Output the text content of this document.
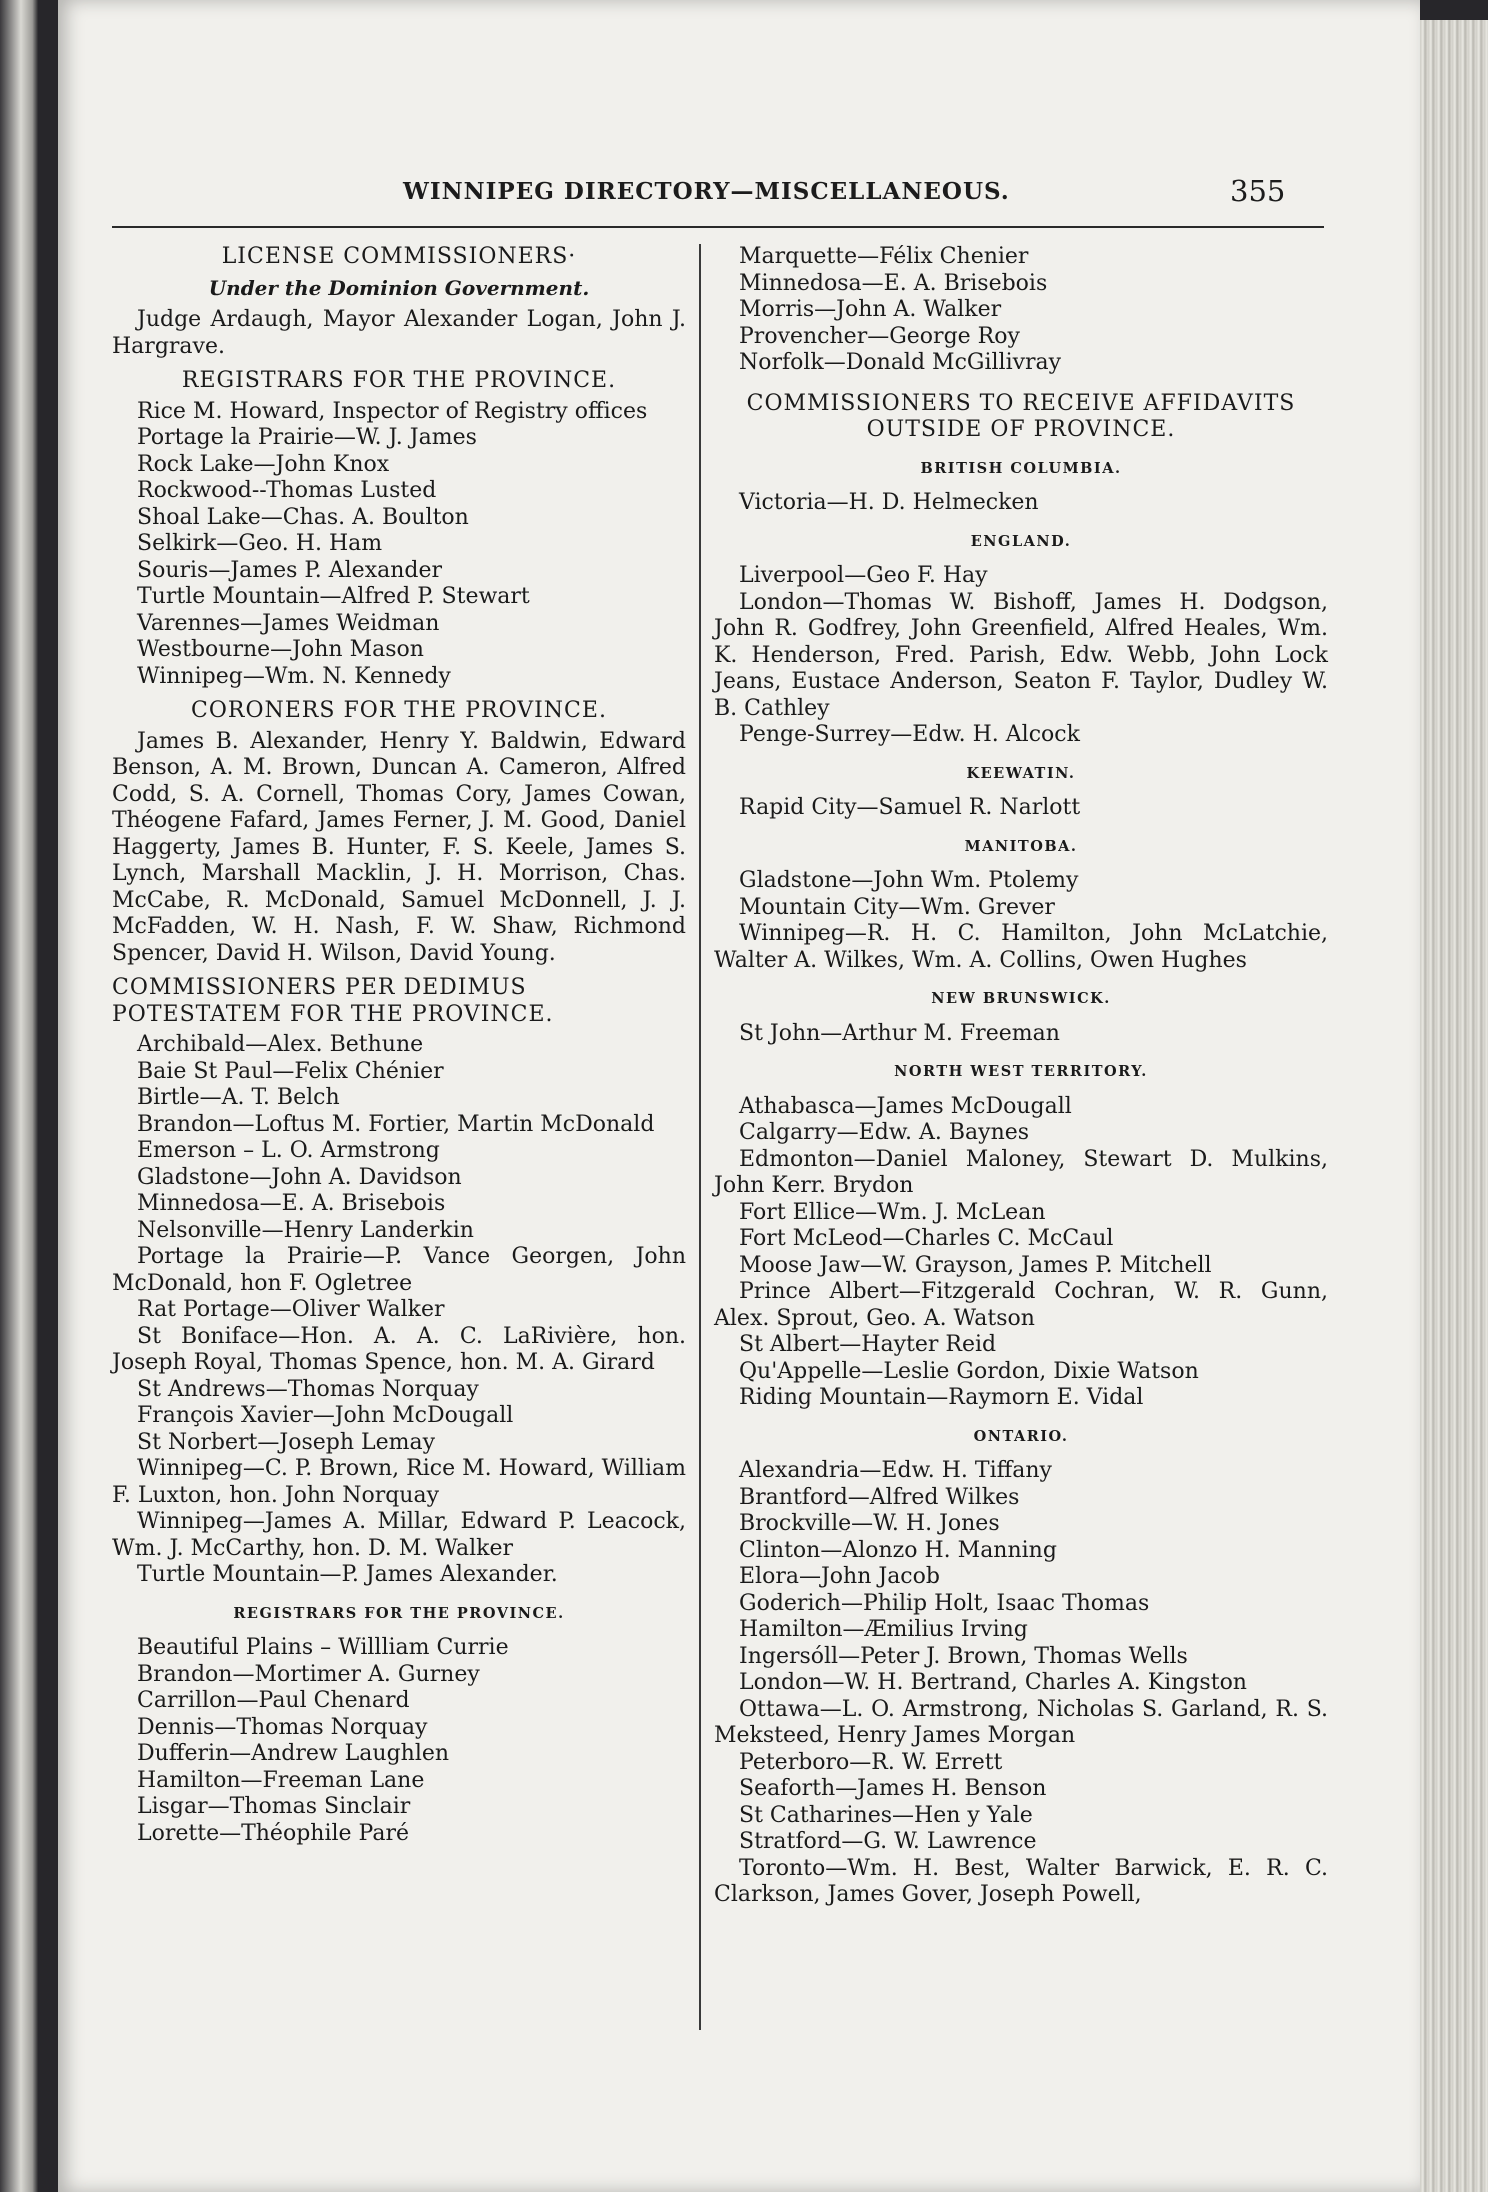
WINNIPEG DIRECTORY—MISCELLANEOUS.	355
LICENSE COMMISSIONERS·
Under the Dominion Government.
Judge Ardaugh, Mayor Alexander Logan, John J. Hargrave.
REGISTRARS FOR THE PROVINCE.
Rice M. Howard, Inspector of Registry offices
Portage la Prairie—W. J. James
Rock Lake—John Knox
Rockwood--Thomas Lusted
Shoal Lake—Chas. A. Boulton
Selkirk—Geo. H. Ham
Souris—James P. Alexander
Turtle Mountain—Alfred P. Stewart
Varennes—James Weidman
Westbourne—John Mason
Winnipeg—Wm. N. Kennedy
CORONERS FOR THE PROVINCE.
James B. Alexander, Henry Y. Baldwin, Edward Benson, A. M. Brown, Duncan A. Cameron, Alfred Codd, S. A. Cornell, Thomas Cory, James Cowan, Théogene Fafard, James Ferner, J. M. Good, Daniel Haggerty, James B. Hunter, F. S. Keele, James S. Lynch, Marshall Macklin, J. H. Morrison, Chas. McCabe, R. McDonald, Samuel McDonnell, J. J. McFadden, W. H. Nash, F. W. Shaw, Richmond Spencer, David H. Wilson, David Young.
COMMISSIONERS PER DEDIMUS POTESTATEM FOR THE PROVINCE.
Archibald—Alex. Bethune
Baie St Paul—Felix Chénier
Birtle—A. T. Belch
Brandon—Loftus M. Fortier, Martin McDonald
Emerson – L. O. Armstrong
Gladstone—John A. Davidson
Minnedosa—E. A. Brisebois
Nelsonville—Henry Landerkin
Portage la Prairie—P. Vance Georgen, John McDonald, hon F. Ogletree
Rat Portage—Oliver Walker
St Boniface—Hon. A. A. C. LaRivière, hon. Joseph Royal, Thomas Spence, hon. M. A. Girard
St Andrews—Thomas Norquay
François Xavier—John McDougall
St Norbert—Joseph Lemay
Winnipeg—C. P. Brown, Rice M. Howard, William F. Luxton, hon. John Norquay
Winnipeg—James A. Millar, Edward P. Leacock, Wm. J. McCarthy, hon. D. M. Walker
Turtle Mountain—P. James Alexander.
REGISTRARS FOR THE PROVINCE.
Beautiful Plains – Willliam Currie
Brandon—Mortimer A. Gurney
Carrillon—Paul Chenard
Dennis—Thomas Norquay
Dufferin—Andrew Laughlen
Hamilton—Freeman Lane
Lisgar—Thomas Sinclair
Lorette—Théophile Paré
Marquette—Félix Chenier
Minnedosa—E. A. Brisebois
Morris—John A. Walker
Provencher—George Roy
Norfolk—Donald McGillivray
COMMISSIONERS TO RECEIVE AFFIDAVITS OUTSIDE OF PROVINCE.
BRITISH COLUMBIA.
Victoria—H. D. Helmecken
ENGLAND.
Liverpool—Geo F. Hay
London—Thomas W. Bishoff, James H. Dodgson, John R. Godfrey, John Greenfield, Alfred Heales, Wm. K. Henderson, Fred. Parish, Edw. Webb, John Lock Jeans, Eustace Anderson, Seaton F. Taylor, Dudley W. B. Cathley
Penge-Surrey—Edw. H. Alcock
KEEWATIN.
Rapid City—Samuel R. Narlott
MANITOBA.
Gladstone—John Wm. Ptolemy
Mountain City—Wm. Grever
Winnipeg—R. H. C. Hamilton, John McLatchie, Walter A. Wilkes, Wm. A. Collins, Owen Hughes
NEW BRUNSWICK.
St John—Arthur M. Freeman
NORTH WEST TERRITORY.
Athabasca—James McDougall
Calgarry—Edw. A. Baynes
Edmonton—Daniel Maloney, Stewart D. Mulkins, John Kerr. Brydon
Fort Ellice—Wm. J. McLean
Fort McLeod—Charles C. McCaul
Moose Jaw—W. Grayson, James P. Mitchell
Prince Albert—Fitzgerald Cochran, W. R. Gunn, Alex. Sprout, Geo. A. Watson
St Albert—Hayter Reid
Qu'Appelle—Leslie Gordon, Dixie Watson
Riding Mountain—Raymorn E. Vidal
ONTARIO.
Alexandria—Edw. H. Tiffany
Brantford—Alfred Wilkes
Brockville—W. H. Jones
Clinton—Alonzo H. Manning
Elora—John Jacob
Goderich—Philip Holt, Isaac Thomas
Hamilton—Æmilius Irving
Ingersóll—Peter J. Brown, Thomas Wells
London—W. H. Bertrand, Charles A. Kingston
Ottawa—L. O. Armstrong, Nicholas S. Garland, R. S. Meksteed, Henry James Morgan
Peterboro—R. W. Errett
Seaforth—James H. Benson
St Catharines—Hen y Yale
Stratford—G. W. Lawrence
Toronto—Wm. H. Best, Walter Barwick, E. R. C. Clarkson, James Gover, Joseph Powell,
